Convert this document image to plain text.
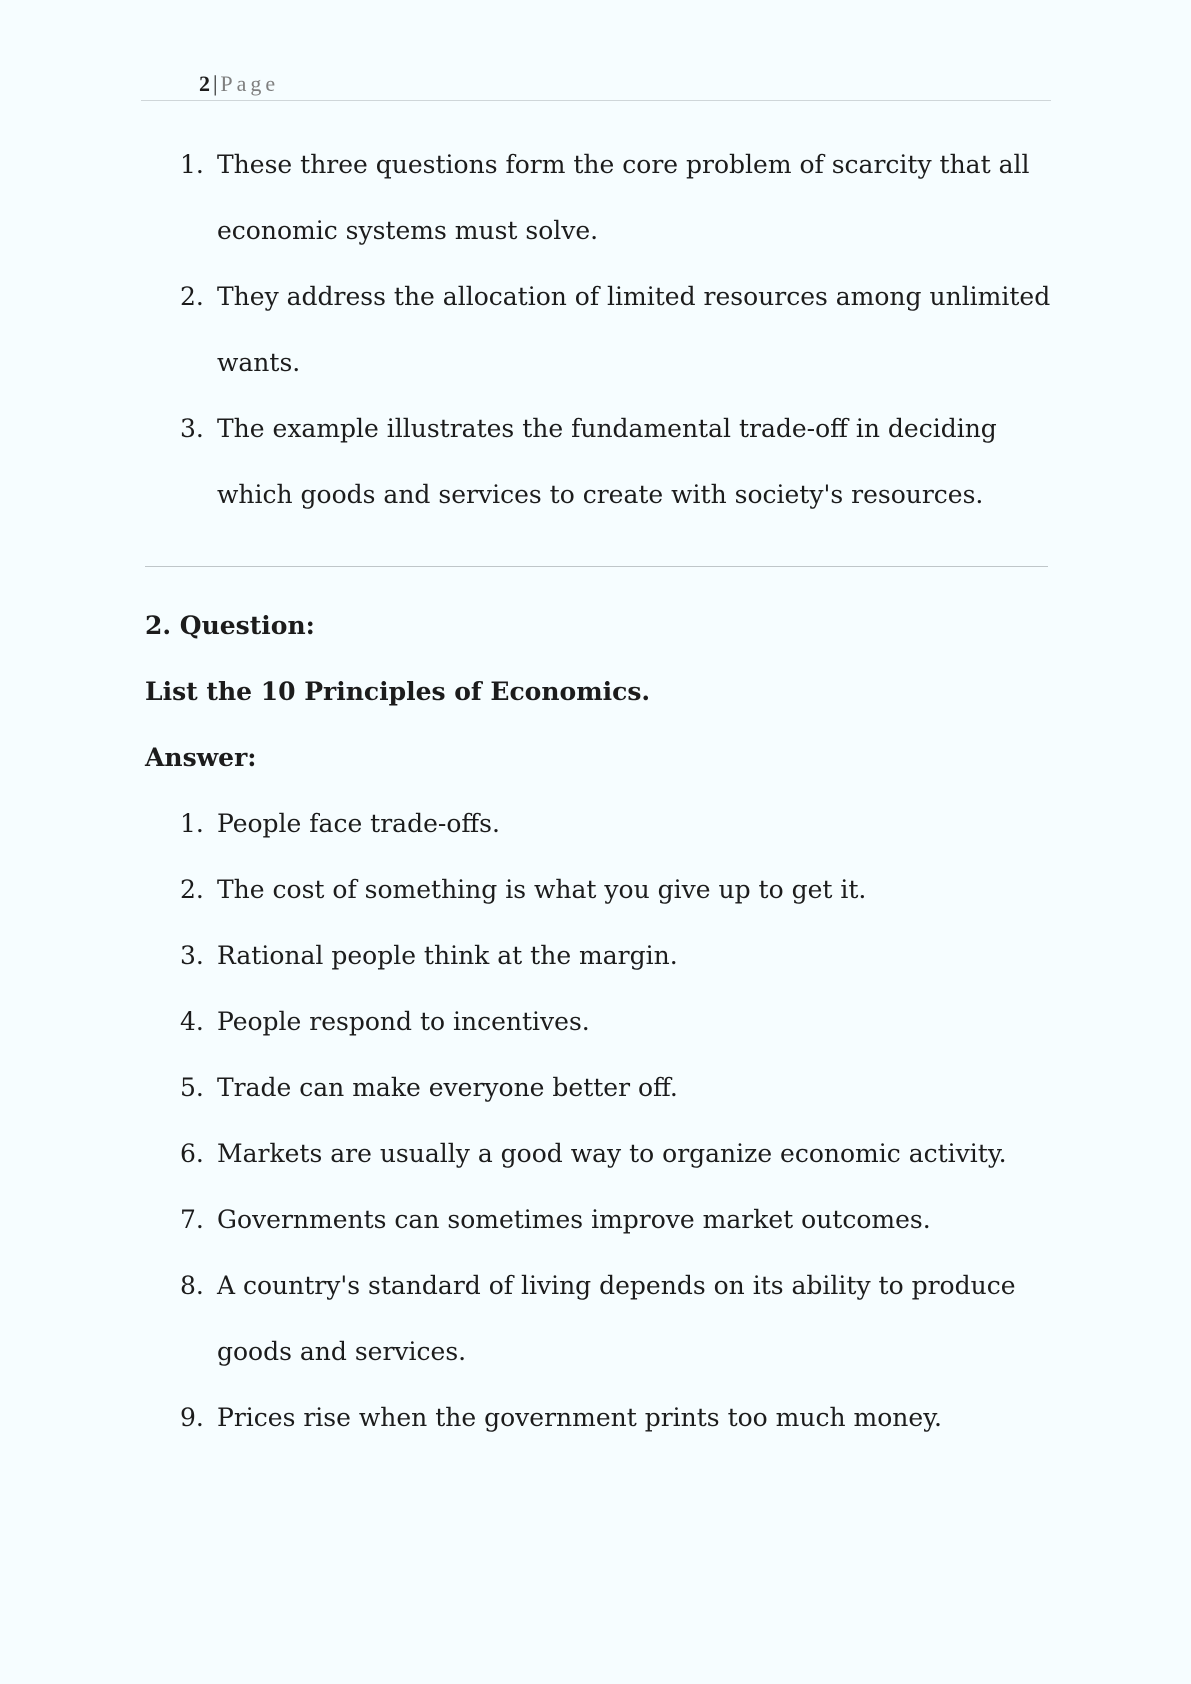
2 | Page
1. These three questions form the core problem of scarcity that all economic systems must solve.
2. They address the allocation of limited resources among unlimited wants.
3. The example illustrates the fundamental trade-off in deciding which goods and services to create with society's resources.

2. Question:

List the 10 Principles of Economics.

Answer:

1. People face trade-offs.
2. The cost of something is what you give up to get it.
3. Rational people think at the margin.
4. People respond to incentives.
5. Trade can make everyone better off.
6. Markets are usually a good way to organize economic activity.
7. Governments can sometimes improve market outcomes.
8. A country's standard of living depends on its ability to produce goods and services.
9. Prices rise when the government prints too much money.
